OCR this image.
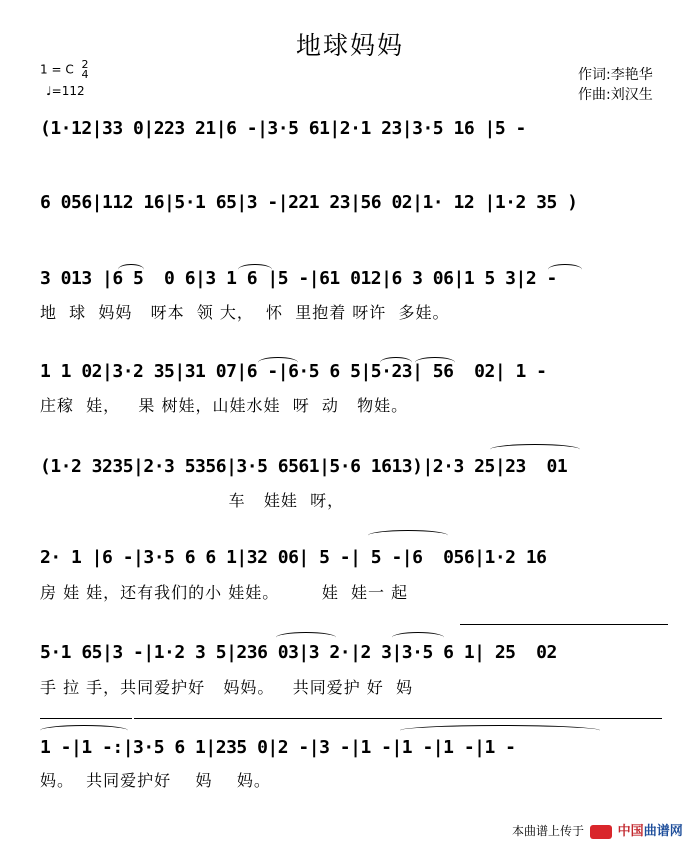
地球妈妈
1 = C 2
4
♩=112
作词:李艳华
作曲:刘汉生
(1·12|33 0|223 21|6 -|3·5 61|2·1 23|3·5 16 |5 -
6 056|112 16|5·1 65|3 -|221 23|56 02|1· 12 |1·2 35 )
3 013 |6 5  0 6|3 1 6 |5 -|61 012|6 3 06|1 5 3|2 -
地  球  妈妈   呀本  领 大，  怀  里抱着 呀许  多娃。
1 1 02|3·2 35|31 07|6 -|6·5 6 5|5·23| 56  02| 1 -
庄稼  娃，   果 树娃，山娃水娃  呀  动   物娃。
(1·2 3235|2·3 5356|3·5 6561|5·6 1613)|2·3 25|23  01
车   娃娃  呀，
2· 1 |6 -|3·5 6 6 1|32 06| 5 -| 5 -|6  056|1·2 16
房 娃 娃，还有我们的小 娃娃。       娃  娃一 起
5·1 65|3 -|1·2 3 5|236 03|3 2·|2 3|3·5 6 1| 25  02
手 拉 手，共同爱护好   妈妈。   共同爱护 好  妈
1 -|1 -:|3·5 6 1|235 0|2 -|3 -|1 -|1 -|1 -|1 -
妈。  共同爱护好    妈    妈。
本曲谱上传于	中国曲谱网
